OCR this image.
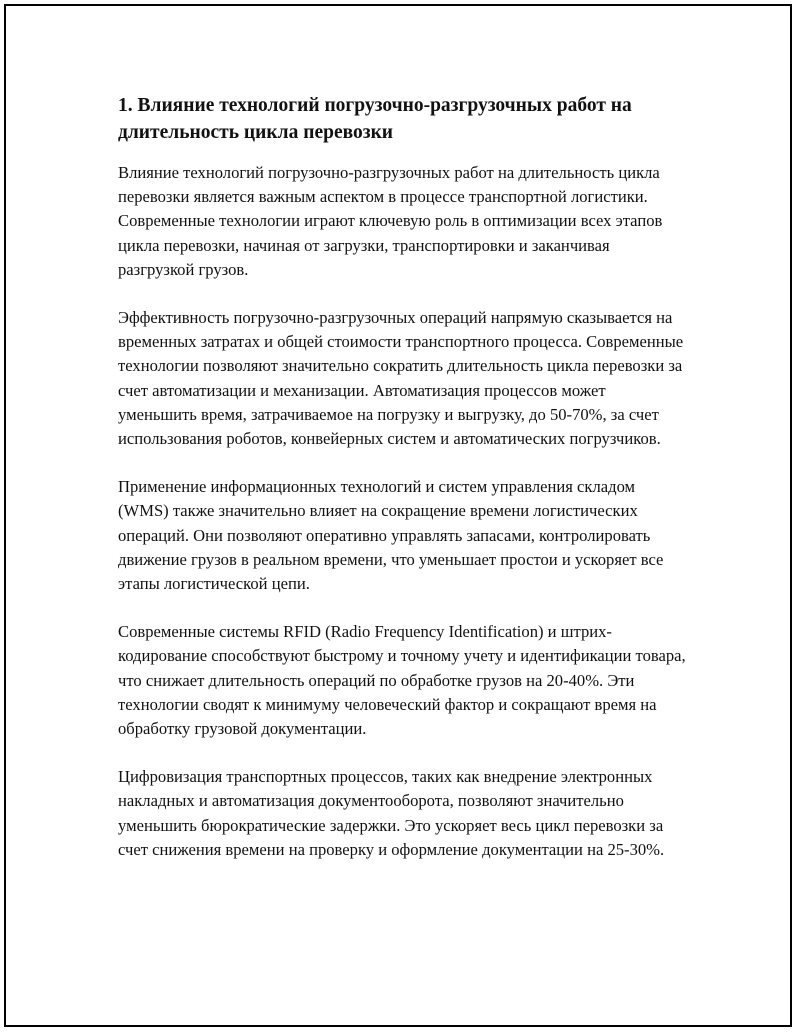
1. Влияние технологий погрузочно-разгрузочных работ на длительность цикла перевозки

Влияние технологий погрузочно-разгрузочных работ на длительность цикла перевозки является важным аспектом в процессе транспортной логистики. Современные технологии играют ключевую роль в оптимизации всех этапов цикла перевозки, начиная от загрузки, транспортировки и заканчивая разгрузкой грузов.

Эффективность погрузочно-разгрузочных операций напрямую сказывается на временных затратах и общей стоимости транспортного процесса. Современные технологии позволяют значительно сократить длительность цикла перевозки за счет автоматизации и механизации. Автоматизация процессов может уменьшить время, затрачиваемое на погрузку и выгрузку, до 50-70%, за счет использования роботов, конвейерных систем и автоматических погрузчиков.

Применение информационных технологий и систем управления складом (WMS) также значительно влияет на сокращение времени логистических операций. Они позволяют оперативно управлять запасами, контролировать движение грузов в реальном времени, что уменьшает простои и ускоряет все этапы логистической цепи.

Современные системы RFID (Radio Frequency Identification) и штрих-кодирование способствуют быстрому и точному учету и идентификации товара, что снижает длительность операций по обработке грузов на 20-40%. Эти технологии сводят к минимуму человеческий фактор и сокращают время на обработку грузовой документации.

Цифровизация транспортных процессов, таких как внедрение электронных накладных и автоматизация документооборота, позволяют значительно уменьшить бюрократические задержки. Это ускоряет весь цикл перевозки за счет снижения времени на проверку и оформление документации на 25-30%.
